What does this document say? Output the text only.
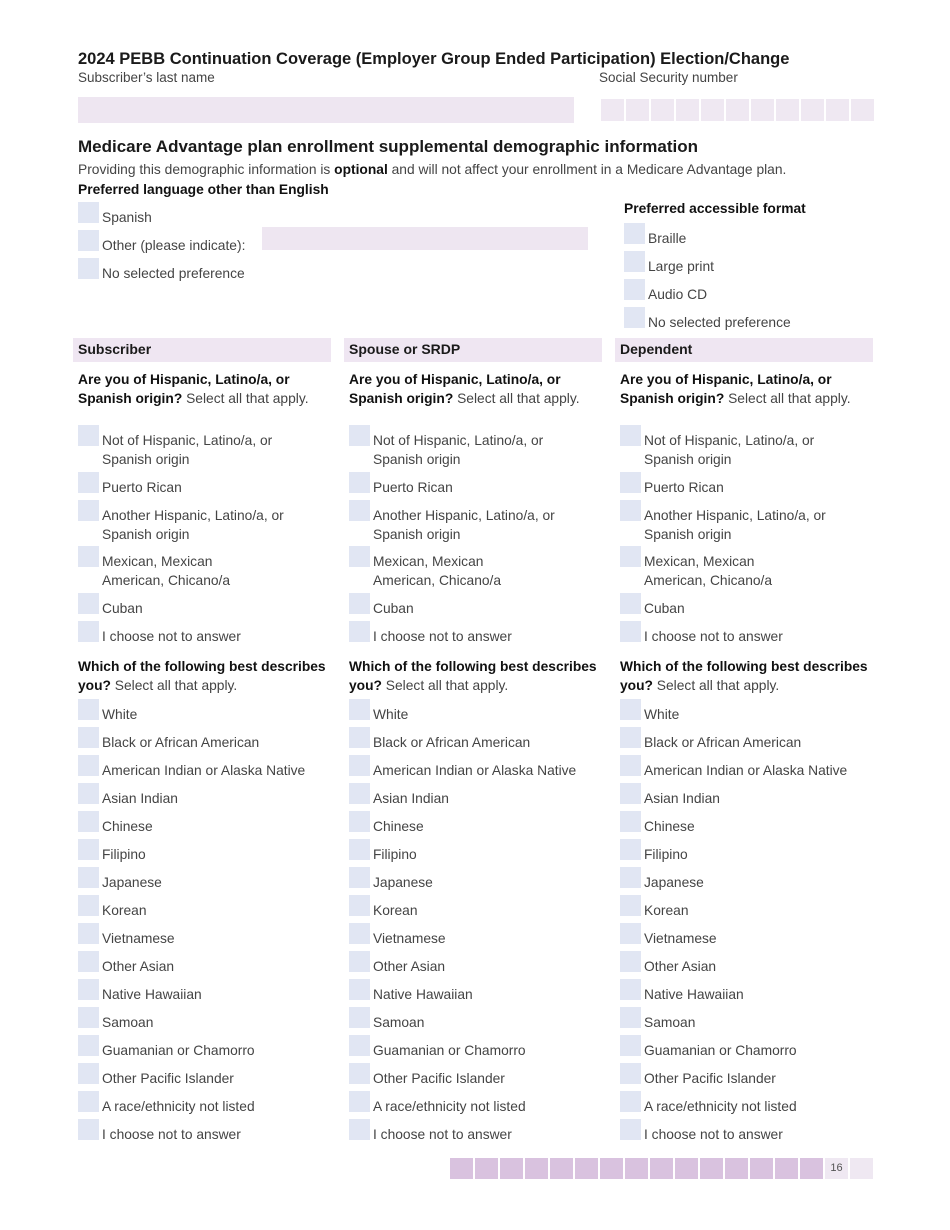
2024 PEBB Continuation Coverage (Employer Group Ended Participation) Election/Change
Subscriber’s last name	Social Security number
Medicare Advantage plan enrollment supplemental demographic information
Providing this demographic information is optional and will not affect your enrollment in a Medicare Advantage plan.
Preferred language other than English
Spanish
Other (please indicate):
No selected preference
Preferred accessible format
Braille
Large print
Audio CD
No selected preference
Subscriber
Are you of Hispanic, Latino/a, or Spanish origin? Select all that apply.
Not of Hispanic, Latino/a, or
Spanish origin
Puerto Rican
Another Hispanic, Latino/a, or
Spanish origin
Mexican, Mexican
American, Chicano/a
Cuban
I choose not to answer
Which of the following best describes you? Select all that apply.
White
Black or African American
American Indian or Alaska Native
Asian Indian
Chinese
Filipino
Japanese
Korean
Vietnamese
Other Asian
Native Hawaiian
Samoan
Guamanian or Chamorro
Other Pacific Islander
A race/ethnicity not listed
I choose not to answer
Spouse or SRDP
Are you of Hispanic, Latino/a, or Spanish origin? Select all that apply.
Not of Hispanic, Latino/a, or
Spanish origin
Puerto Rican
Another Hispanic, Latino/a, or
Spanish origin
Mexican, Mexican
American, Chicano/a
Cuban
I choose not to answer
Which of the following best describes you? Select all that apply.
White
Black or African American
American Indian or Alaska Native
Asian Indian
Chinese
Filipino
Japanese
Korean
Vietnamese
Other Asian
Native Hawaiian
Samoan
Guamanian or Chamorro
Other Pacific Islander
A race/ethnicity not listed
I choose not to answer
Dependent
Are you of Hispanic, Latino/a, or Spanish origin? Select all that apply.
Not of Hispanic, Latino/a, or
Spanish origin
Puerto Rican
Another Hispanic, Latino/a, or
Spanish origin
Mexican, Mexican
American, Chicano/a
Cuban
I choose not to answer
Which of the following best describes you? Select all that apply.
White
Black or African American
American Indian or Alaska Native
Asian Indian
Chinese
Filipino
Japanese
Korean
Vietnamese
Other Asian
Native Hawaiian
Samoan
Guamanian or Chamorro
Other Pacific Islander
A race/ethnicity not listed
I choose not to answer
16
